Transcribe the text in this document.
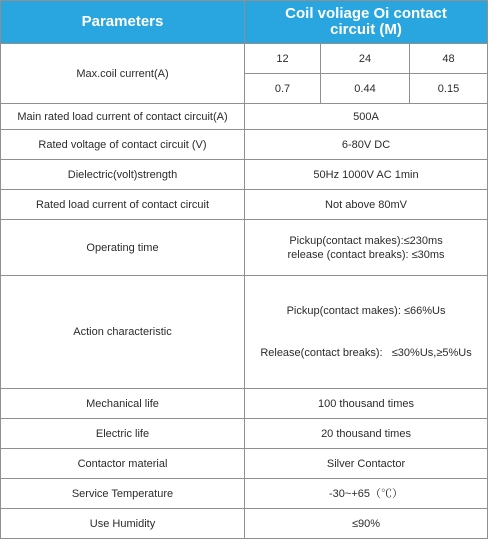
Parameters	Coil voliage Oi contact
circuit (M)		

Max.coil current(A)	12	24	48
	0.7	0.44	0.15
Main rated load current of contact circuit(A)	500A		
Rated voltage of contact circuit (V)	6-80V DC		
Dielectric(volt)strength	50Hz 1000V AC 1min		
Rated load current of contact circuit	Not above 80mV		
Operating time	Pickup(contact makes):≤230ms
release (contact breaks): ≤30ms		

Action characteristic	Pickup(contact makes): ≤66%Us

Release(contact breaks):   ≤30%Us,≥5%Us		

Mechanical life	100 thousand times		
Electric life	20 thousand times		
Contactor material	Silver Contactor		
Service Temperature	-30~+65（℃）		
Use Humidity	≤90%		
